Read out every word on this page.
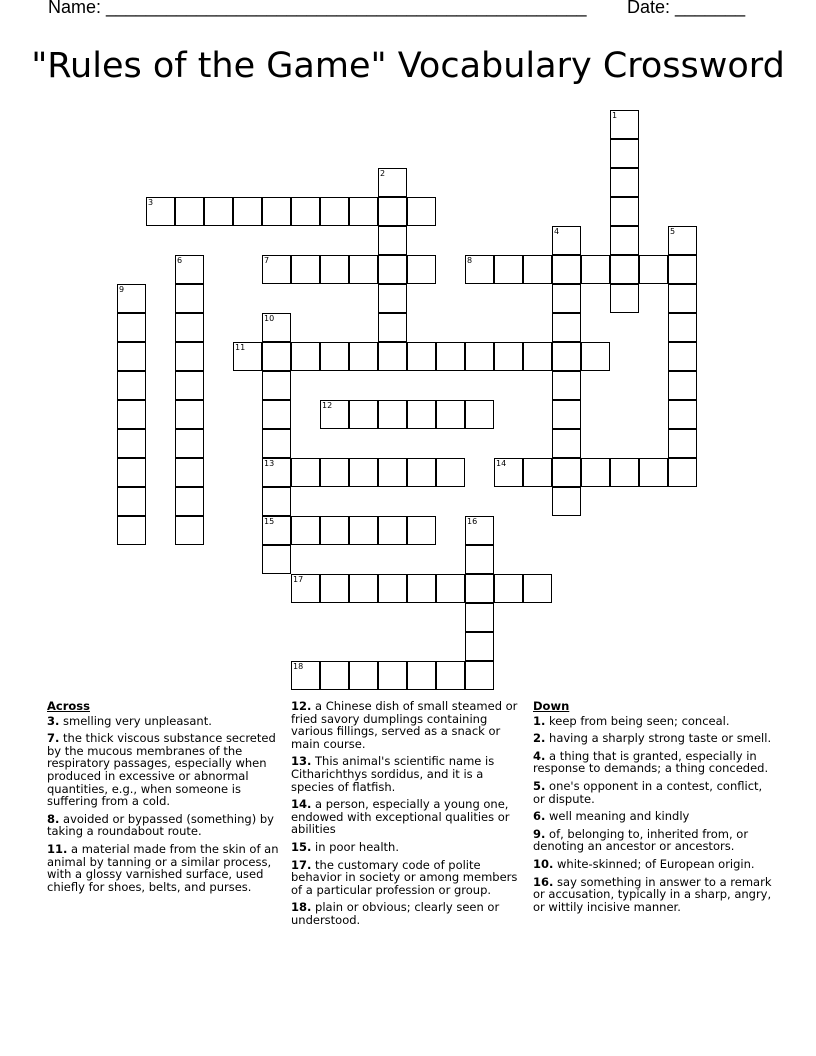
Name: ________________________________________________ Date: _______
"Rules of the Game" Vocabulary Crossword
1
2
3
4	5
6	7	8
9
10
13
15
11
12
14
16
17
18
Across
3. smelling very unpleasant.
7. the thick viscous substance secreted by the mucous membranes of the respiratory passages, especially when produced in excessive or abnormal quantities, e.g., when someone is suffering from a cold.
8. avoided or bypassed (something) by taking a roundabout route.
11. a material made from the skin of an animal by tanning or a similar process, with a glossy varnished surface, used chiefly for shoes, belts, and purses.
12. a Chinese dish of small steamed or fried savory dumplings containing various fillings, served as a snack or main course.
13. This animal's scientific name is Citharichthys sordidus, and it is a species of flatfish.
14. a person, especially a young one, endowed with exceptional qualities or abilities
15. in poor health.
17. the customary code of polite behavior in society or among members of a particular profession or group.
18. plain or obvious; clearly seen or understood.
Down
1. keep from being seen; conceal.
2. having a sharply strong taste or smell.
4. a thing that is granted, especially in response to demands; a thing conceded.
5. one's opponent in a contest, conflict, or dispute.
6. well meaning and kindly
9. of, belonging to, inherited from, or denoting an ancestor or ancestors.
10. white-skinned; of European origin.
16. say something in answer to a remark or accusation, typically in a sharp, angry, or wittily incisive manner.
